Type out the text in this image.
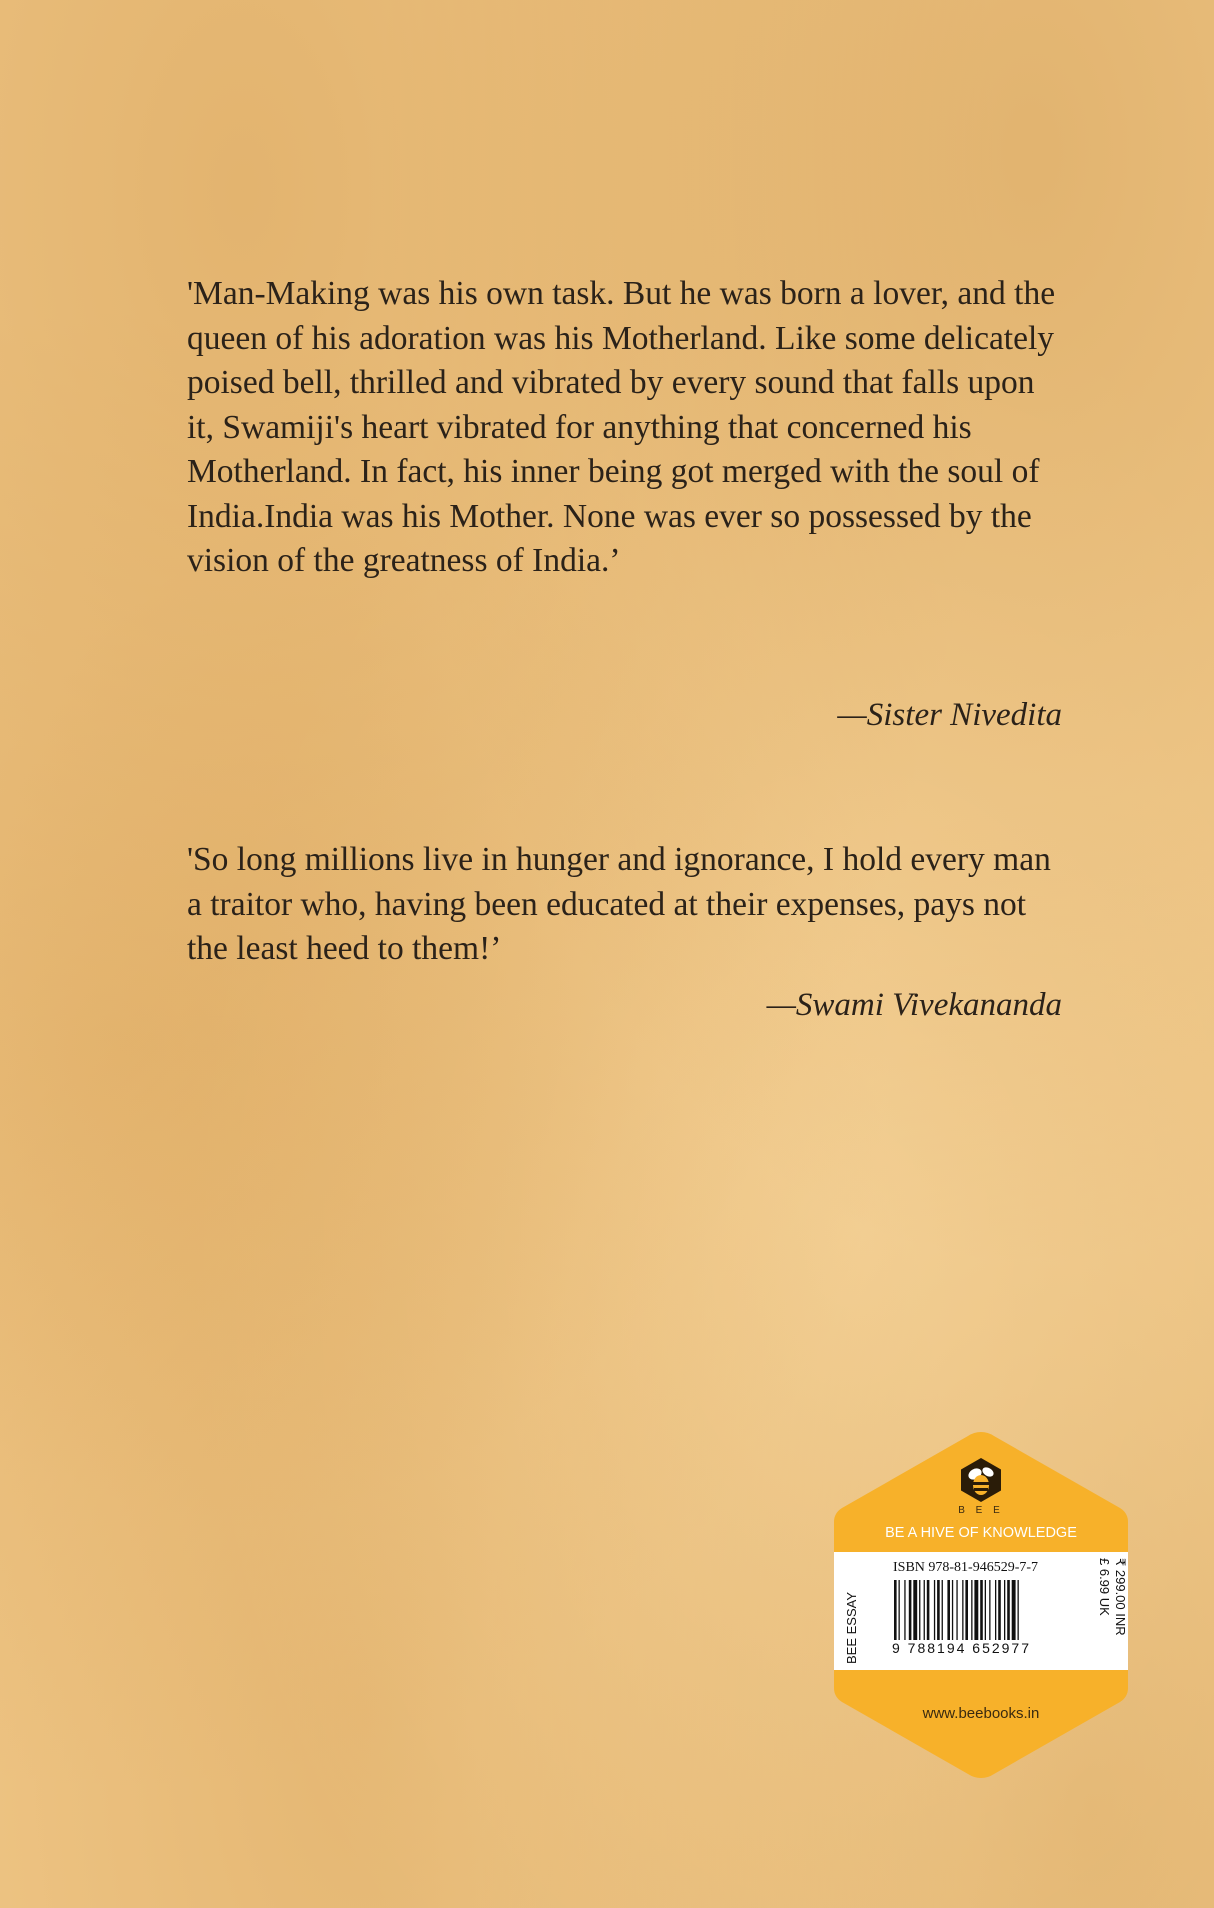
'Man-Making was his own task. But he was born a lover, and the queen of his adoration was his Motherland. Like some delicately poised bell, thrilled and vibrated by every sound that falls upon it, Swamiji's heart vibrated for anything that concerned his Motherland. In fact, his inner being got merged with the soul of India.India was his Mother. None was ever so possessed by the vision of the greatness of India.’

—Sister Nivedita

'So long millions live in hunger and ignorance, I hold every man a traitor who, having been educated at their expenses, pays not the least heed to them!’

—Swami Vivekananda

B E E
BE A HIVE OF KNOWLEDGE
BEE ESSAY
ISBN 978-81-946529-7-7
9 788194 652977
₹ 299.00 INR
£ 6.99 UK
www.beebooks.in
